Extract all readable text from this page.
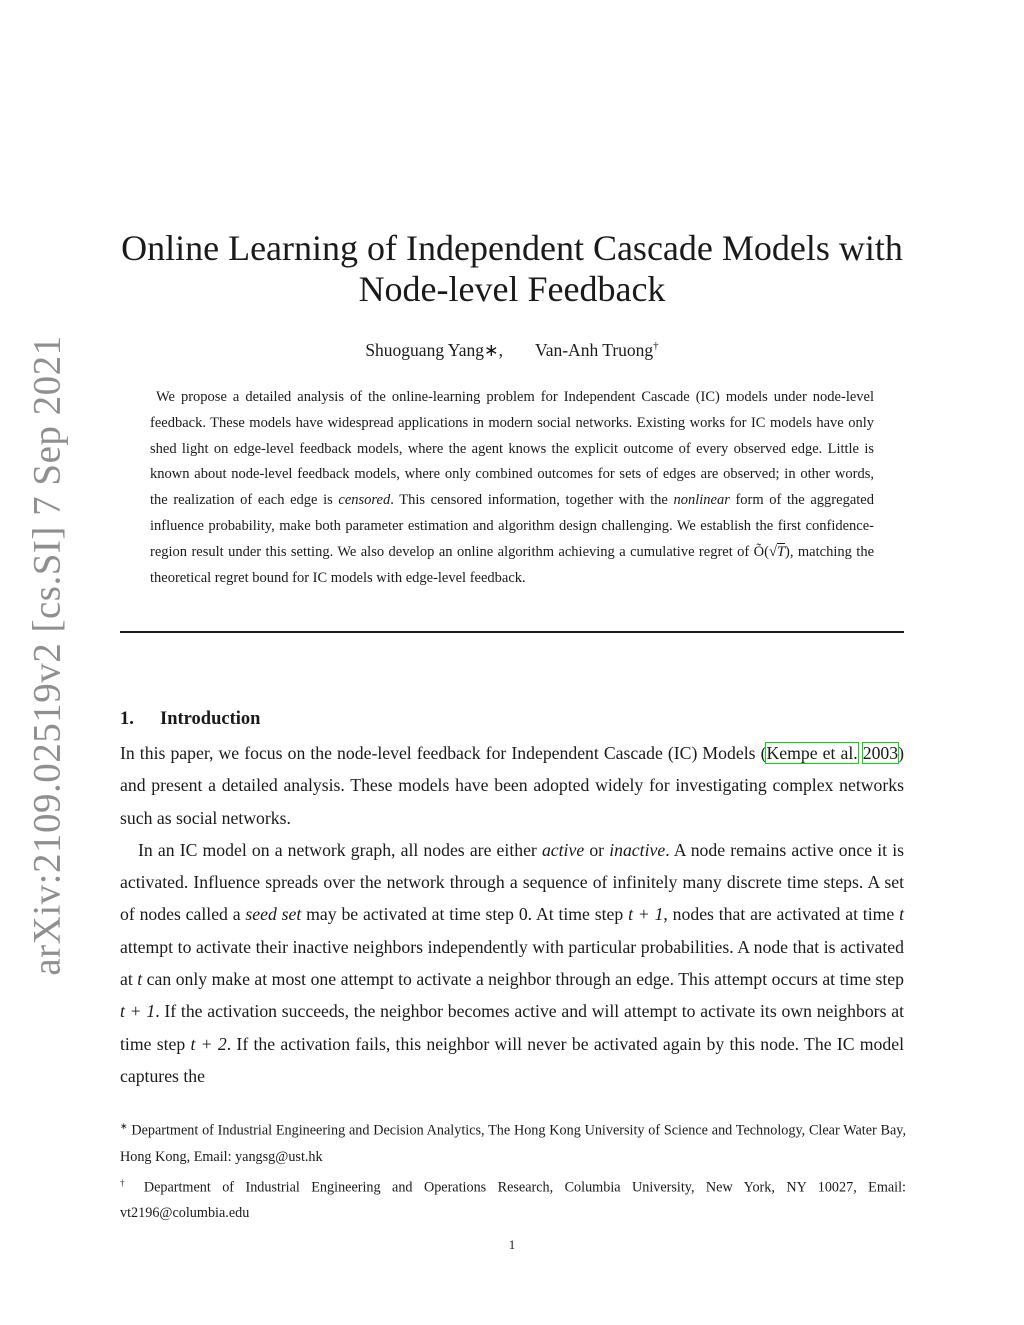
arXiv:2109.02519v2 [cs.SI] 7 Sep 2021
Online Learning of Independent Cascade Models with Node-level Feedback
Shuoguang Yang∗, Van-Anh Truong†

We propose a detailed analysis of the online-learning problem for Independent Cascade (IC) models under node-level feedback. These models have widespread applications in modern social networks. Existing works for IC models have only shed light on edge-level feedback models, where the agent knows the explicit outcome of every observed edge. Little is known about node-level feedback models, where only combined outcomes for sets of edges are observed; in other words, the realization of each edge is censored. This censored information, together with the nonlinear form of the aggregated influence probability, make both parameter estimation and algorithm design challenging. We establish the first confidence-region result under this setting. We also develop an online algorithm achieving a cumulative regret of Õ(√T), matching the theoretical regret bound for IC models with edge-level feedback.

1. Introduction

In this paper, we focus on the node-level feedback for Independent Cascade (IC) Models (Kempe et al. 2003) and present a detailed analysis. These models have been adopted widely for investigating complex networks such as social networks.

In an IC model on a network graph, all nodes are either active or inactive. A node remains active once it is activated. Influence spreads over the network through a sequence of infinitely many discrete time steps. A set of nodes called a seed set may be activated at time step 0. At time step t + 1, nodes that are activated at time t attempt to activate their inactive neighbors independently with particular probabilities. A node that is activated at t can only make at most one attempt to activate a neighbor through an edge. This attempt occurs at time step t + 1. If the activation succeeds, the neighbor becomes active and will attempt to activate its own neighbors at time step t + 2. If the activation fails, this neighbor will never be activated again by this node. The IC model captures the

∗ Department of Industrial Engineering and Decision Analytics, The Hong Kong University of Science and Technology, Clear Water Bay, Hong Kong, Email: yangsg@ust.hk

† Department of Industrial Engineering and Operations Research, Columbia University, New York, NY 10027, Email: vt2196@columbia.edu

1
